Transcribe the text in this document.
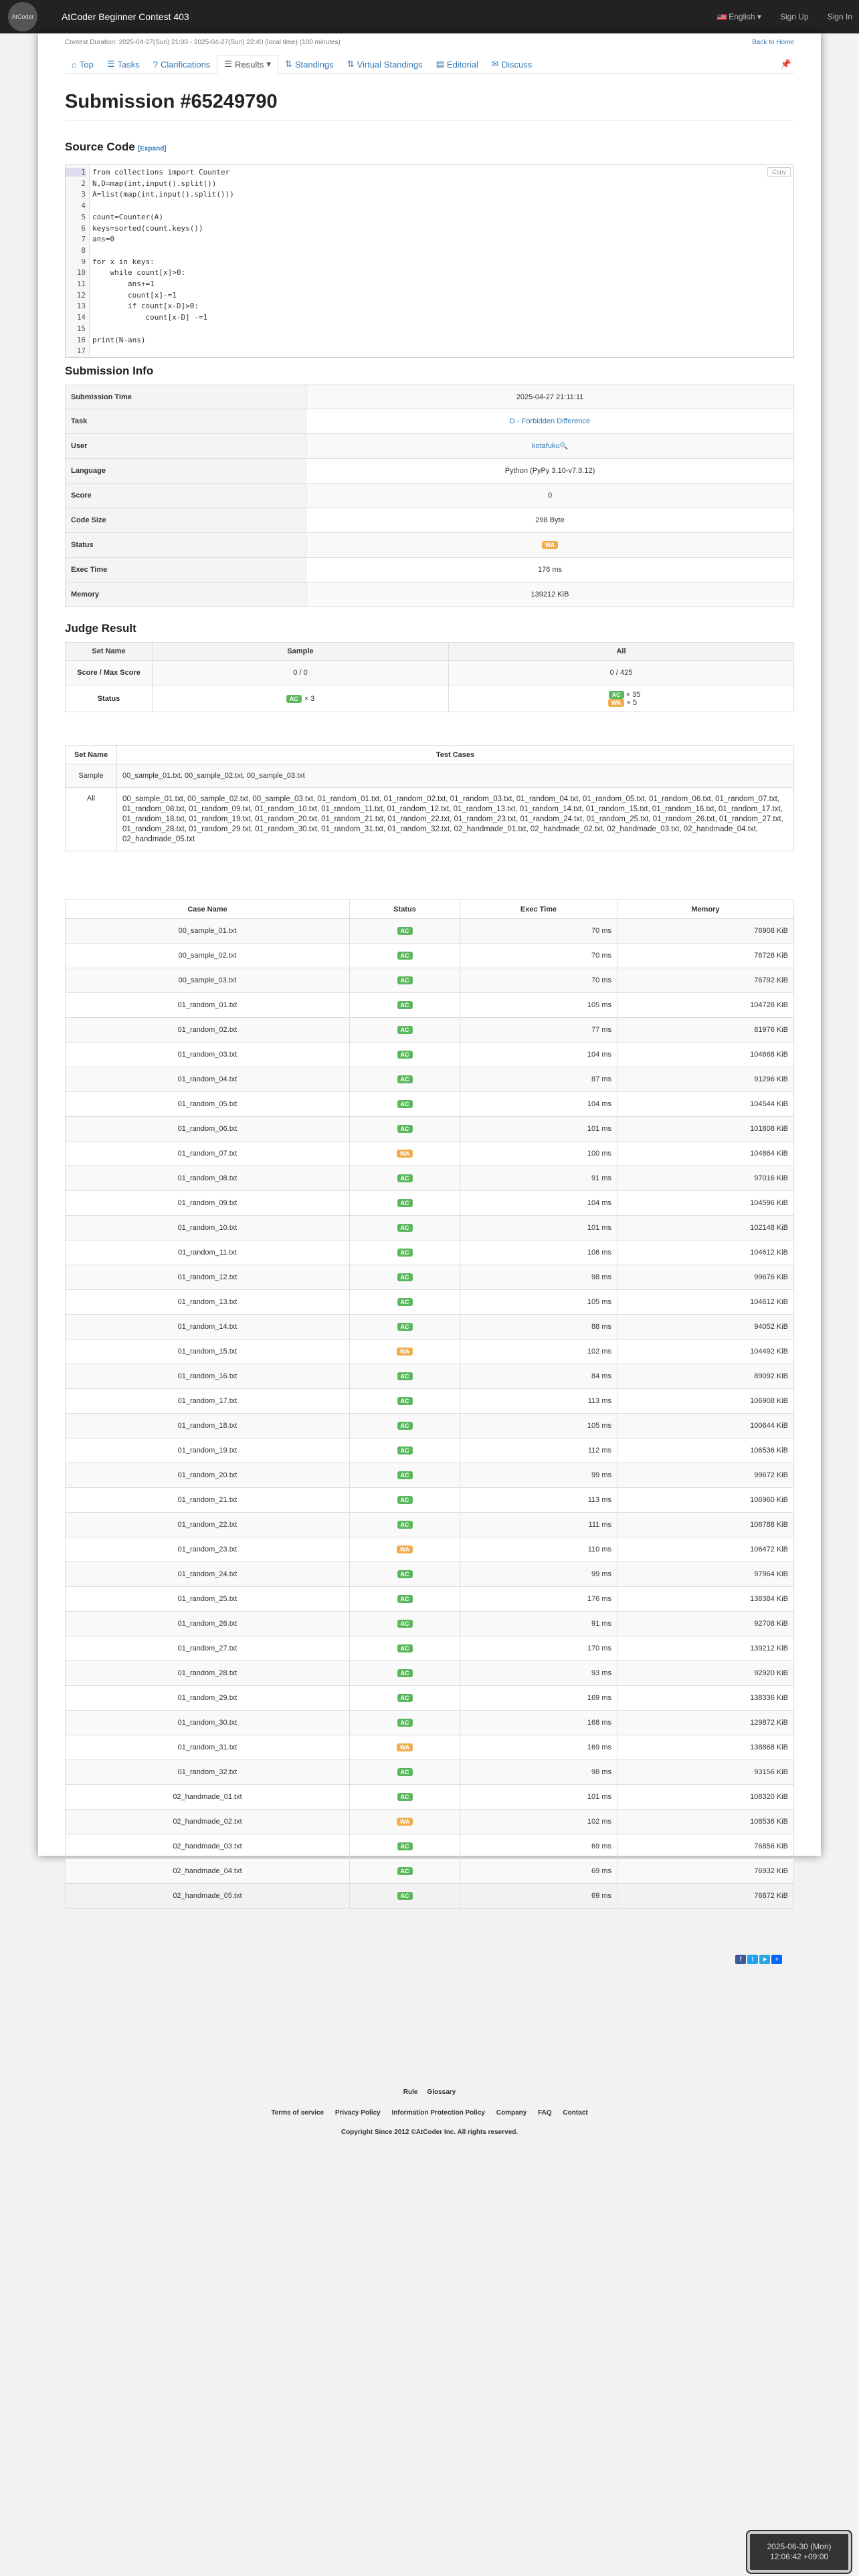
AtCoder	AtCoder Beginner Contest 403	English ▾ Sign Up Sign In
Contest Duration: 2025-04-27(Sun) 21:00 - 2025-04-27(Sun) 22:40 (local time) (100 minutes)	Back to Home
⌂ Top ☰ Tasks ? Clarifications ☰ Results ▾ ⇅ Standings ⇅ Virtual Standings ▤ Editorial ✉ Discuss	📌
Submission #65249790
Source Code [Expand]
1
2
3
4
5
6
7
8
9
10
11
12
13
14
15
16
17
Copy
from collections import Counter
N,D=map(int,input().split())
A=list(map(int,input().split()))
count=Counter(A)
keys=sorted(count.keys())
ans=0
for x in keys:
while count[x]>0:
ans+=1
count[x]-=1
if count[x-D]>0:
count[x-D] -=1
print(N-ans)
Submission Info
Submission Time	2025-04-27 21:11:11
Task	D - Forbidden Difference
User	kotafuku 🔍
Language	Python (PyPy 3.10-v7.3.12)
Score	0
Code Size	298 Byte
Status	WA
Exec Time	176 ms
Memory	139212 KiB
Judge Result
Set Name	Sample	All
Score / Max Score	0 / 0	0 / 425
Status	AC × 3	AC × 35
WA × 5
Set Name	Test Cases
Sample	00_sample_01.txt, 00_sample_02.txt, 00_sample_03.txt
All	00_sample_01.txt, 00_sample_02.txt, 00_sample_03.txt, 01_random_01.txt, 01_random_02.txt, 01_random_03.txt, 01_random_04.txt, 01_random_05.txt, 01_random_06.txt, 01_random_07.txt, 01_random_08.txt, 01_random_09.txt, 01_random_10.txt, 01_random_11.txt, 01_random_12.txt, 01_random_13.txt, 01_random_14.txt, 01_random_15.txt, 01_random_16.txt, 01_random_17.txt, 01_random_18.txt, 01_random_19.txt, 01_random_20.txt, 01_random_21.txt, 01_random_22.txt, 01_random_23.txt, 01_random_24.txt, 01_random_25.txt, 01_random_26.txt, 01_random_27.txt, 01_random_28.txt, 01_random_29.txt, 01_random_30.txt, 01_random_31.txt, 01_random_32.txt, 02_handmade_01.txt, 02_handmade_02.txt, 02_handmade_03.txt, 02_handmade_04.txt, 02_handmade_05.txt
Case Name	Status	Exec Time	Memory
00_sample_01.txt	AC	70 ms	76908 KiB
00_sample_02.txt	AC	70 ms	76728 KiB
00_sample_03.txt	AC	70 ms	76792 KiB
01_random_01.txt	AC	105 ms	104728 KiB
01_random_02.txt	AC	77 ms	81976 KiB
01_random_03.txt	AC	104 ms	104668 KiB
01_random_04.txt	AC	87 ms	91296 KiB
01_random_05.txt	AC	104 ms	104544 KiB
01_random_06.txt	AC	101 ms	101808 KiB
01_random_07.txt	WA	100 ms	104864 KiB
01_random_08.txt	AC	91 ms	97016 KiB
01_random_09.txt	AC	104 ms	104596 KiB
01_random_10.txt	AC	101 ms	102148 KiB
01_random_11.txt	AC	106 ms	104612 KiB
01_random_12.txt	AC	98 ms	99676 KiB
01_random_13.txt	AC	105 ms	104612 KiB
01_random_14.txt	AC	88 ms	94052 KiB
01_random_15.txt	WA	102 ms	104492 KiB
01_random_16.txt	AC	84 ms	89092 KiB
01_random_17.txt	AC	113 ms	106908 KiB
01_random_18.txt	AC	105 ms	100644 KiB
01_random_19.txt	AC	112 ms	106536 KiB
01_random_20.txt	AC	99 ms	99672 KiB
01_random_21.txt	AC	113 ms	106960 KiB
01_random_22.txt	AC	111 ms	106788 KiB
01_random_23.txt	WA	110 ms	106472 KiB
01_random_24.txt	AC	99 ms	97964 KiB
01_random_25.txt	AC	176 ms	138384 KiB
01_random_26.txt	AC	91 ms	92708 KiB
01_random_27.txt	AC	170 ms	139212 KiB
01_random_28.txt	AC	93 ms	92920 KiB
01_random_29.txt	AC	169 ms	138336 KiB
01_random_30.txt	AC	168 ms	129872 KiB
01_random_31.txt	WA	169 ms	138868 KiB
01_random_32.txt	AC	98 ms	93156 KiB
02_handmade_01.txt	AC	101 ms	108320 KiB
02_handmade_02.txt	WA	102 ms	108536 KiB
02_handmade_03.txt	AC	69 ms	76856 KiB
02_handmade_04.txt	AC	69 ms	76932 KiB
02_handmade_05.txt	AC	69 ms	76872 KiB
f	t	➤	+
Rule Glossary
Terms of service Privacy Policy Information Protection Policy Company FAQ Contact
Copyright Since 2012 ©AtCoder Inc. All rights reserved.
2025-06-30 (Mon)
12:06:42 +09:00
